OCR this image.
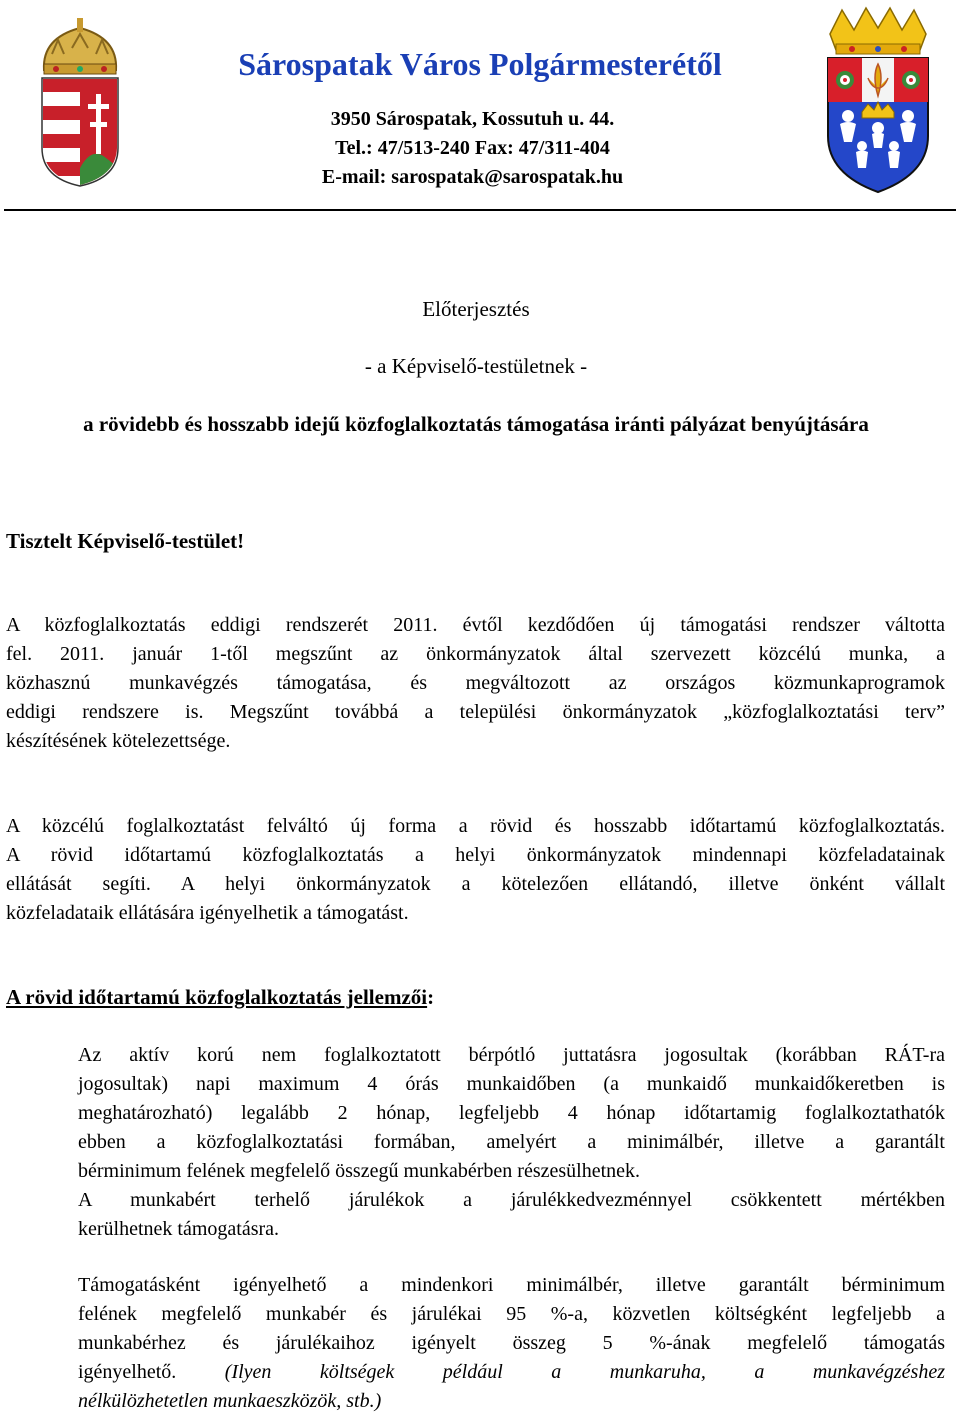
Sárospatak Város Polgármesterétől
3950 Sárospatak, Kossutuh u. 44.
Tel.: 47/513-240 Fax: 47/311-404
E-mail: sarospatak@sarospatak.hu
Előterjesztés
- a Képviselő-testületnek -
a rövidebb és hosszabb idejű közfoglalkoztatás támogatása iránti pályázat benyújtására
Tisztelt Képviselő-testület!
A közfoglalkoztatás eddigi rendszerét 2011. évtől kezdődően új támogatási rendszer váltotta
fel. 2011. január 1-től megszűnt az önkormányzatok által szervezett közcélú munka, a
közhasznú munkavégzés támogatása, és megváltozott az országos közmunkaprogramok
eddigi rendszere is. Megszűnt továbbá a települési önkormányzatok „közfoglalkoztatási terv”
készítésének kötelezettsége.
A közcélú foglalkoztatást felváltó új forma a rövid és hosszabb időtartamú közfoglalkoztatás.
A rövid időtartamú közfoglalkoztatás a helyi önkormányzatok mindennapi közfeladatainak
ellátását segíti. A helyi önkormányzatok a kötelezően ellátandó, illetve önként vállalt
közfeladataik ellátására igényelhetik a támogatást.
A rövid időtartamú közfoglalkoztatás jellemzői:
Az aktív korú nem foglalkoztatott bérpótló juttatásra jogosultak (korábban RÁT-ra
jogosultak) napi maximum 4 órás munkaidőben (a munkaidő munkaidőkeretben is
meghatározható) legalább 2 hónap, legfeljebb 4 hónap időtartamig foglalkoztathatók
ebben a közfoglalkoztatási formában, amelyért a minimálbér, illetve a garantált
bérminimum felének megfelelő összegű munkabérben részesülhetnek.
A munkabért terhelő járulékok a járulékkedvezménnyel csökkentett mértékben
kerülhetnek támogatásra.
Támogatásként igényelhető a mindenkori minimálbér, illetve garantált bérminimum
felének megfelelő munkabér és járulékai 95 %-a, közvetlen költségként legfeljebb a
munkabérhez és járulékaihoz igényelt összeg 5 %-ának megfelelő támogatás
igényelhető. (Ilyen költségek például a munkaruha, a munkavégzéshez
nélkülözhetetlen munkaeszközök, stb.)
